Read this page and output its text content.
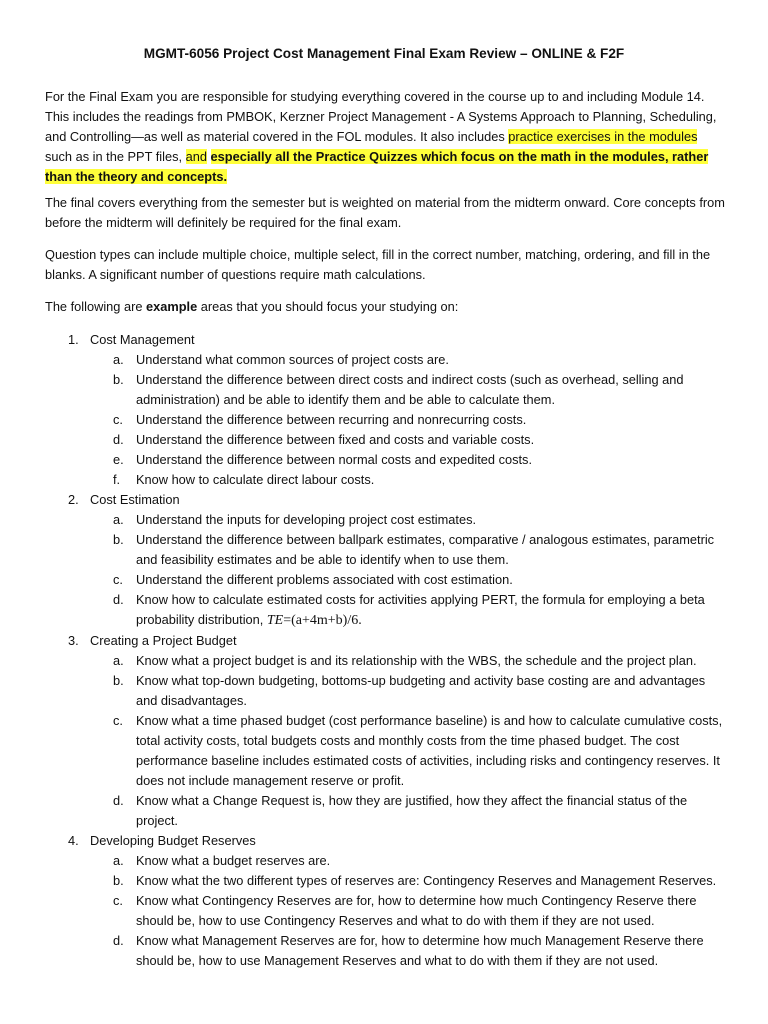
MGMT-6056 Project Cost Management Final Exam Review – ONLINE & F2F

For the Final Exam you are responsible for studying everything covered in the course up to and including Module 14. This includes the readings from PMBOK, Kerzner Project Management - A Systems Approach to Planning, Scheduling, and Controlling—as well as material covered in the FOL modules. It also includes practice exercises in the modules such as in the PPT files, and especially all the Practice Quizzes which focus on the math in the modules, rather than the theory and concepts.

The final covers everything from the semester but is weighted on material from the midterm onward. Core concepts from before the midterm will definitely be required for the final exam.

Question types can include multiple choice, multiple select, fill in the correct number, matching, ordering, and fill in the blanks. A significant number of questions require math calculations.

The following are example areas that you should focus your studying on:

1. Cost Management
a. Understand what common sources of project costs are.
b. Understand the difference between direct costs and indirect costs (such as overhead, selling and administration) and be able to identify them and be able to calculate them.
c. Understand the difference between recurring and nonrecurring costs.
d. Understand the difference between fixed and costs and variable costs.
e. Understand the difference between normal costs and expedited costs.
f. Know how to calculate direct labour costs.
2. Cost Estimation
a. Understand the inputs for developing project cost estimates.
b. Understand the difference between ballpark estimates, comparative / analogous estimates, parametric and feasibility estimates and be able to identify when to use them.
c. Understand the different problems associated with cost estimation.
d. Know how to calculate estimated costs for activities applying PERT, the formula for employing a beta probability distribution, TE=(a+4m+b)/6.
3. Creating a Project Budget
a. Know what a project budget is and its relationship with the WBS, the schedule and the project plan.
b. Know what top-down budgeting, bottoms-up budgeting and activity base costing are and advantages and disadvantages.
c. Know what a time phased budget (cost performance baseline) is and how to calculate cumulative costs, total activity costs, total budgets costs and monthly costs from the time phased budget. The cost performance baseline includes estimated costs of activities, including risks and contingency reserves. It does not include management reserve or profit.
d. Know what a Change Request is, how they are justified, how they affect the financial status of the project.
4. Developing Budget Reserves
a. Know what a budget reserves are.
b. Know what the two different types of reserves are: Contingency Reserves and Management Reserves.
c. Know what Contingency Reserves are for, how to determine how much Contingency Reserve there should be, how to use Contingency Reserves and what to do with them if they are not used.
d. Know what Management Reserves are for, how to determine how much Management Reserve there should be, how to use Management Reserves and what to do with them if they are not used.
